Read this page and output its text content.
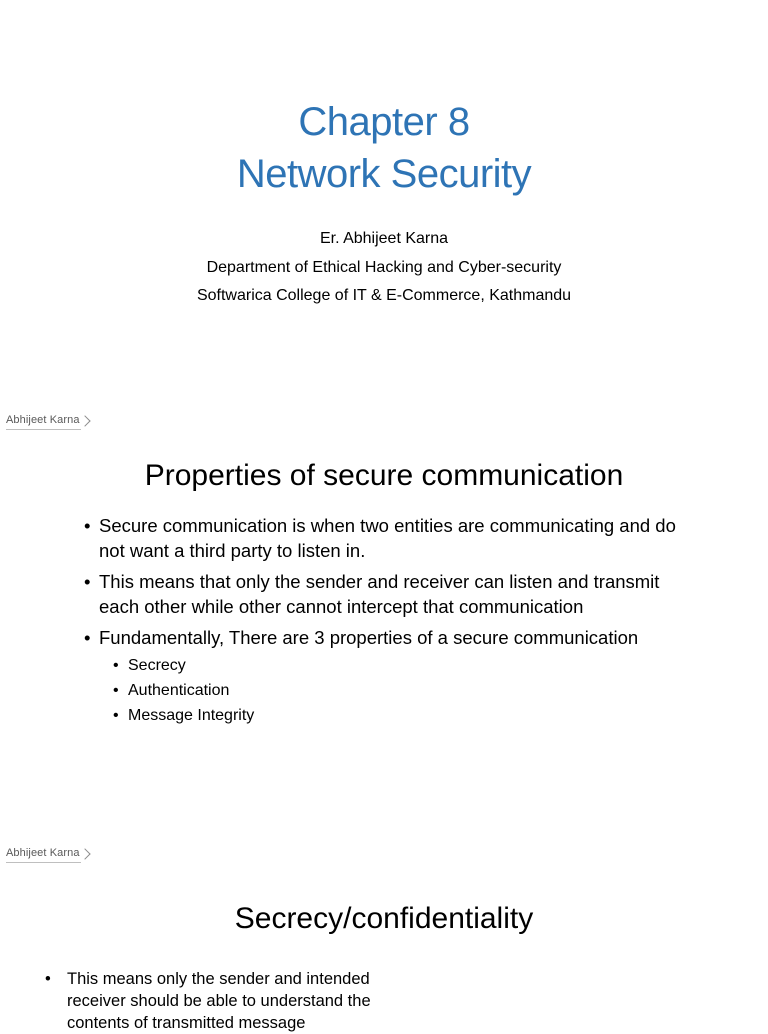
Chapter 8
Network Security
Er. Abhijeet Karna
Department of Ethical Hacking and Cyber-security
Softwarica College of IT & E-Commerce, Kathmandu
Abhijeet Karna
Properties of secure communication
• Secure communication is when two entities are communicating and do not want a third party to listen in.
• This means that only the sender and receiver can listen and transmit each other while other cannot intercept that communication
• Fundamentally, There are 3 properties of a secure communication
• Secrecy
• Authentication
• Message Integrity
Abhijeet Karna
Secrecy/confidentiality
• This means only the sender and intended receiver should be able to understand the contents of transmitted message
